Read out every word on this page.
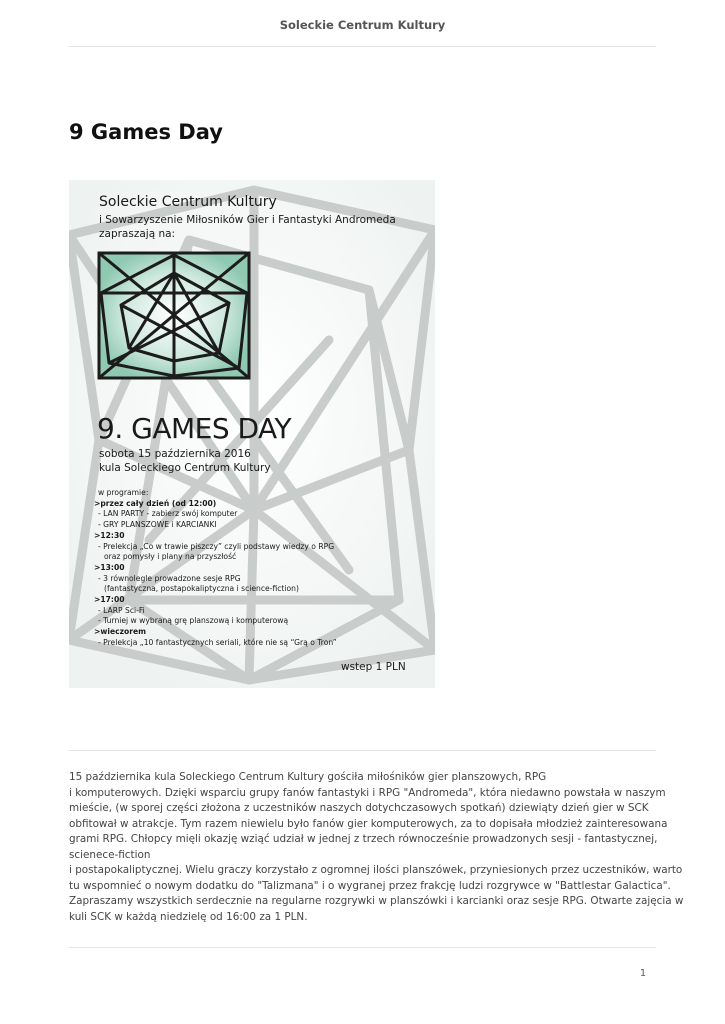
Soleckie Centrum Kultury
9 Games Day
Soleckie Centrum Kultury
i Sowarzyszenie Miłosników Gier i Fantastyki Andromeda
zapraszają na:
9. GAMES DAY
sobota 15 października 2016
kula Soleckiego Centrum Kultury
w programie:
>przez cały dzień (od 12:00)
- LAN PARTY - zabierz swój komputer
- GRY PLANSZOWE i KARCIANKI
>12:30
- Prelekcja „Co w trawie piszczy” czyli podstawy wiedzy o RPG
oraz pomysły i plany na przyszłość
>13:00
- 3 równolegle prowadzone sesje RPG
(fantastyczna, postapokaliptyczna i science-fiction)
>17:00
- LARP Sci-Fi
- Turniej w wybraną grę planszową i komputerową
>wieczorem
- Prelekcja „10 fantastycznych seriali, które nie są “Grą o Tron”
wstep 1 PLN
15 października kula Soleckiego Centrum Kultury gościła miłośników gier planszowych, RPG
i komputerowych. Dzięki wsparciu grupy fanów fantastyki i RPG "Andromeda", która niedawno powstała w naszym
mieście, (w sporej części złożona z uczestników naszych dotychczasowych spotkań) dziewiąty dzień gier w SCK
obfitował w atrakcje. Tym razem niewielu było fanów gier komputerowych, za to dopisała młodzież zainteresowana
grami RPG. Chłopcy mięli okazję wziąć udział w jednej z trzech równocześnie prowadzonych sesji - fantastycznej,
scienece-fiction
i postapokaliptycznej. Wielu graczy korzystało z ogromnej ilości planszówek, przyniesionych przez uczestników, warto
tu wspomnieć o nowym dodatku do "Talizmana" i o wygranej przez frakcję ludzi rozgrywce w "Battlestar Galactica".
Zapraszamy wszystkich serdecznie na regularne rozgrywki w planszówki i karcianki oraz sesje RPG. Otwarte zajęcia w
kuli SCK w każdą niedzielę od 16:00 za 1 PLN.
1
